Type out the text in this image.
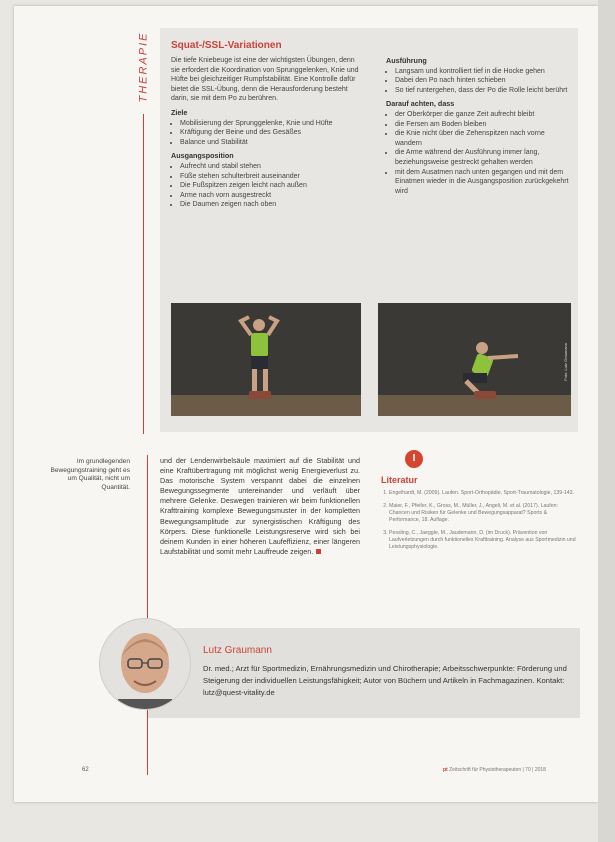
THERAPIE Squat-/SSL-Variationen

Die tiefe Kniebeuge ist eine der wichtigsten Übungen, denn sie erfordert die Koordination von Sprunggelenken, Knie und Hüfte bei gleichzeitiger Rumpfstabilität. Eine Kontrolle dafür bietet die SSL-Übung, denn die Herausforderung besteht darin, sie mit dem Po zu berühren.

Ziele
• Mobilisierung der Sprunggelenke, Knie und Hüfte
• Kräftigung der Beine und des Gesäßes
• Balance und Stabilität
Ausgangsposition
• Aufrecht und stabil stehen
• Füße stehen schulterbreit auseinander
• Die Fußspitzen zeigen leicht nach außen
• Arme nach vorn ausgestreckt
• Die Daumen zeigen nach oben
Ausführung
• Langsam und kontrolliert tief in die Hocke gehen
• Dabei den Po nach hinten schieben
• So tief runtergehen, dass der Po die Rolle leicht berührt
Darauf achten, dass
• der Oberkörper die ganze Zeit aufrecht bleibt
• die Fersen am Boden bleiben
• die Knie nicht über die Zehenspitzen nach vorne wandern
• die Arme während der Ausführung immer lang, beziehungsweise gestreckt gehalten werden
• mit dem Ausatmen nach unten gegangen und mit dem Einatmen wieder in die Ausgangsposition zurückgekehrt wird
Foto: Lutz Graumann
Im grundlegenden Bewegungstraining geht es um Qualität, nicht um Quantität.
und der Lendenwirbelsäule maximiert auf die Stabilität und eine Kraftübertragung mit möglichst wenig Energieverlust zu. Das motorische System verspannt dabei die einzelnen Bewegungssegmente untereinander und verläuft über mehrere Gelenke. Deswegen trainieren wir beim funktionellen Krafttraining komplexe Bewegungsmuster in der kompletten Bewegungsamplitude zur synergistischen Kräftigung des Körpers. Diese funktionelle Leistungsreserve wird sich bei deinem Kunden in einer höheren Laufeffizienz, einer längeren Laufstabilität und somit mehr Lauffreude zeigen.
I
Literatur
1. Engelhardt, M. (2009). Laufen. Sport-Orthopädie, Sport-Traumatologie, 139-143.
2. Maier, F., Pfeifer, K., Gross, M., Müller, J., Angeli, M. et al. (2017). Laufen: Chancen und Risiken für Gelenke und Bewegungsapparat? Sports & Performance, 18. Auflage.
3. Pessling, C., Jaeggle, M., Jaudemann, D. (im Druck). Prävention von Laufverletzungen durch funktionelles Krafttraining. Analyse aus Sportmedizin und Leistungsphysiologie.
Lutz Graumann
Dr. med.; Arzt für Sportmedizin, Ernährungsmedizin und Chirotherapie; Arbeitsschwerpunkte: Förderung und Steigerung der individuellen Leistungsfähigkeit; Autor von Büchern und Artikeln in Fachmagazinen. Kontakt: lutz@quest-vitality.de
62	pt Zeitschrift für Physiotherapeuten | 70 | 2018
